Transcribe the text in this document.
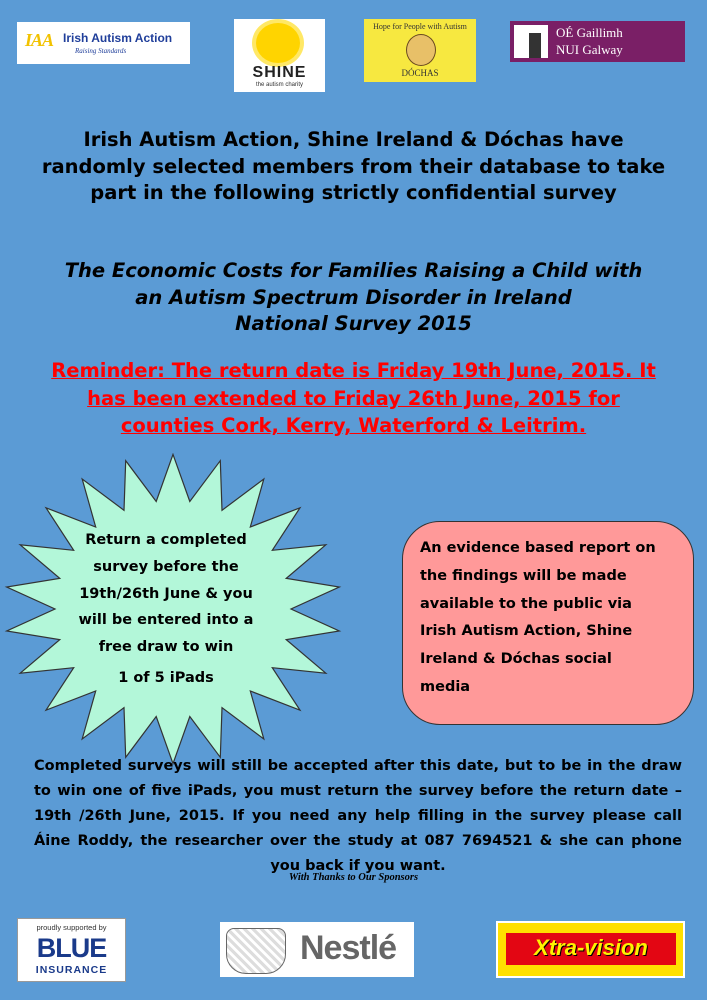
IAA Irish Autism Action
Raising Standards
SHINE
the autism charity
Hope for People with Autism
DÓCHAS
OÉ Gaillimh
NUI Galway
Irish Autism Action, Shine Ireland & Dóchas have
randomly selected members from their database to take
part in the following strictly confidential survey
The Economic Costs for Families Raising a Child with
an Autism Spectrum Disorder in Ireland
National Survey 2015
Reminder: The return date is Friday 19th June, 2015. It
has been extended to Friday 26th June, 2015 for
counties Cork, Kerry, Waterford & Leitrim.
Return a completed
survey before the
19th/26th June & you
will be entered into a
free draw to win
1 of 5 iPads
An evidence based report on
the findings will be made
available to the public via
Irish Autism Action, Shine
Ireland & Dóchas social
media
Completed surveys will still be accepted after this date, but to be in the draw to win one of five iPads, you must return the survey before the return date –19th /26th June, 2015. If you need any help filling in the survey please call Áine Roddy, the researcher over the study at 087 7694521 & she can phone you back if you want.
With Thanks to Our Sponsors
proudly supported by
BLUE
INSURANCE
Nestlé	Xtra-vision
